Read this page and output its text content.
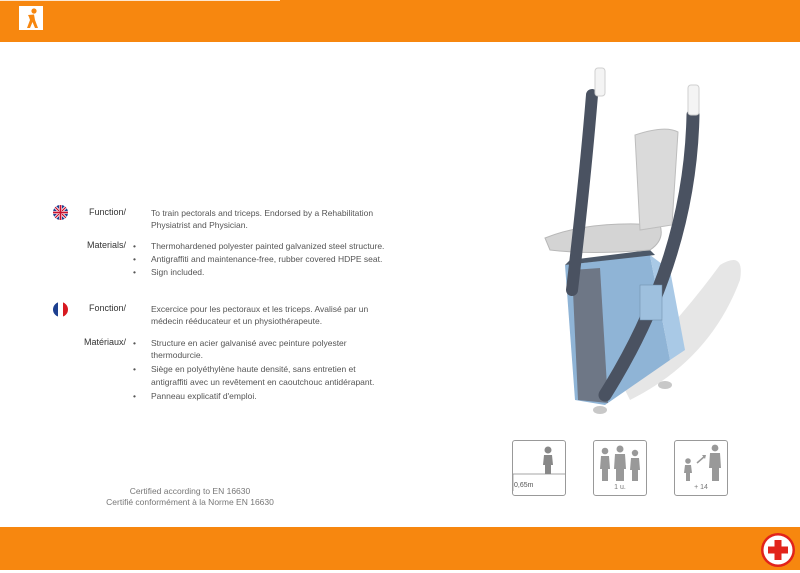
Function/	To train pectorals and triceps. Endorsed by a Rehabilitation
Physiatrist and Physician.
Materials/	• Thermohardened polyester painted galvanized steel structure.
• Antigraffiti and maintenance-free, rubber covered HDPE seat.
• Sign included.
Fonction/	Excercice pour les pectoraux et les triceps. Avalisé par un
médecin rééducateur et un physiothérapeute.
Matériaux/	• Structure en acier galvanisé avec peinture polyester
thermodurcie.
• Siège en polyéthylène haute densité, sans entretien et
antigraffiti avec un revêtement en caoutchouc antidérapant.
• Panneau explicatif d'emploi.
Certified according to EN 16630
Certifié conformément à la Norme EN 16630
0,65m	1 u.	+ 14
